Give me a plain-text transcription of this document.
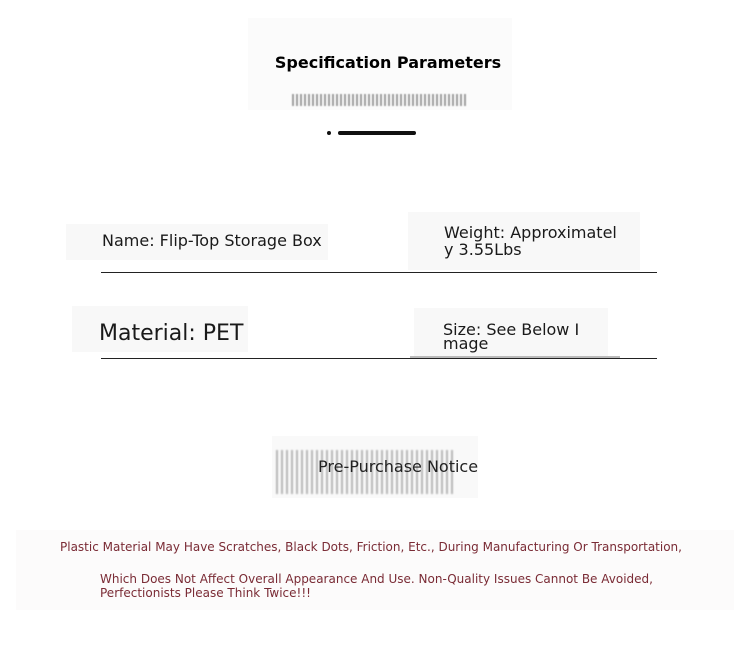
Specification Parameters
Name: Flip-Top Storage Box	Weight: Approximately 3.55Lbs
Material: PET	Size: See Below Image
Pre-Purchase Notice
Plastic Material May Have Scratches, Black Dots, Friction, Etc., During Manufacturing Or Transportation,
Which Does Not Affect Overall Appearance And Use. Non-Quality Issues Cannot Be Avoided, Perfectionists Please Think Twice!!!
